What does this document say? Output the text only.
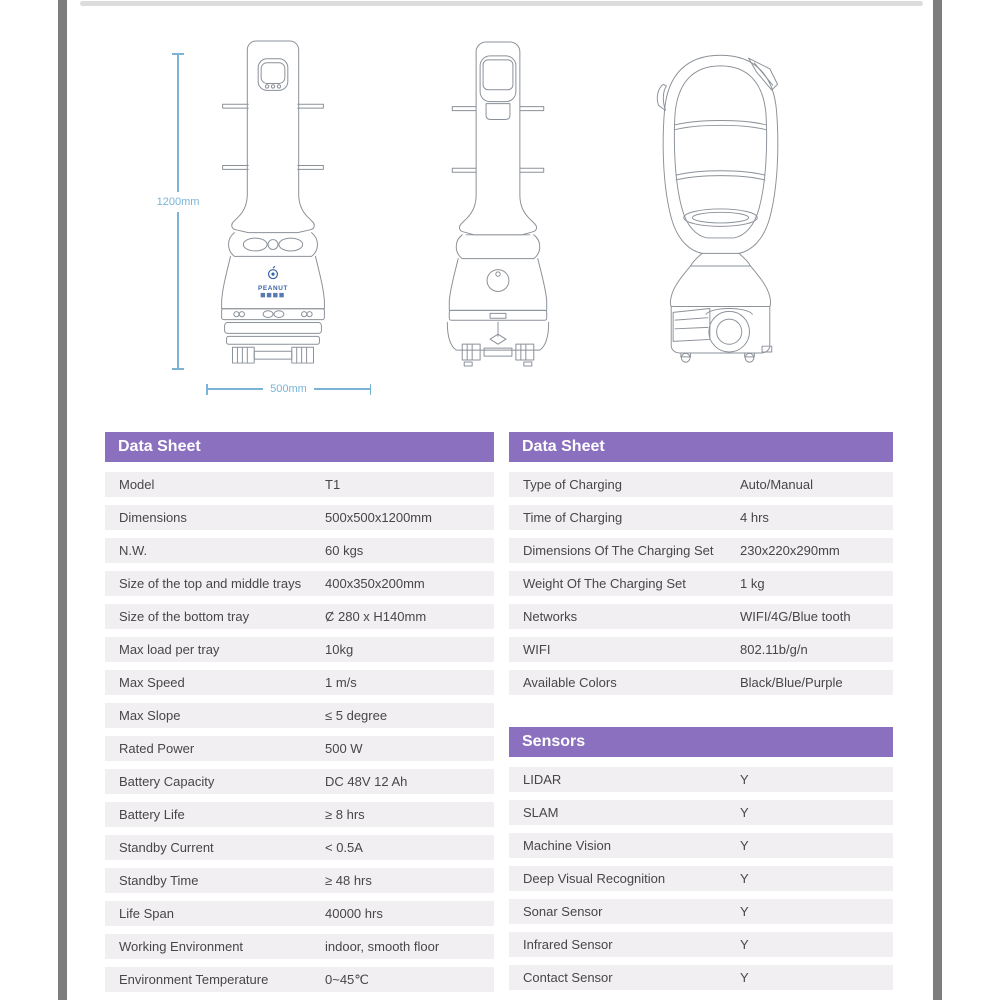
PEANUT
1200mm
500mm
Data Sheet
Model	T1
Dimensions	500x500x1200mm
N.W.	60 kgs
Size of the top and middle trays	400x350x200mm
Size of the bottom tray	Ȼ 280 x H140mm
Max load per tray	10kg
Max Speed	1 m/s
Max Slope	≤ 5 degree
Rated Power	500 W
Battery Capacity	DC 48V 12 Ah
Battery Life	≥ 8 hrs
Standby Current	< 0.5A
Standby Time	≥ 48 hrs
Life Span	40000 hrs
Working Environment	indoor, smooth floor
Environment Temperature	0~45℃
Data Sheet
Type of Charging	Auto/Manual
Time of Charging	4 hrs
Dimensions Of The Charging Set	230x220x290mm
Weight Of The Charging Set	1 kg
Networks	WIFI/4G/Blue tooth
WIFI	802.11b/g/n
Available Colors	Black/Blue/Purple
Sensors
LIDAR	Y
SLAM	Y
Machine Vision	Y
Deep Visual Recognition	Y
Sonar Sensor	Y
Infrared Sensor	Y
Contact Sensor	Y
